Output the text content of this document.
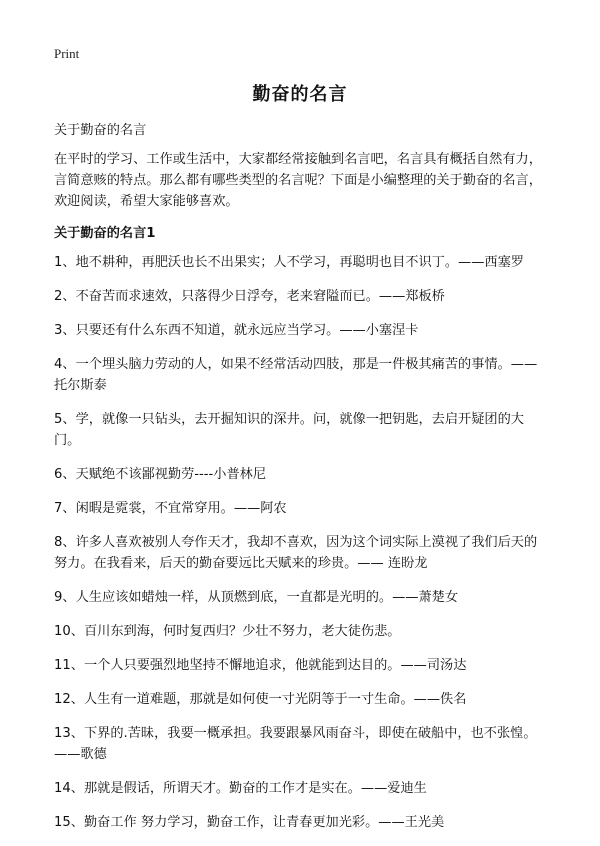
Print
勤奋的名言

关于勤奋的名言

在平时的学习、工作或生活中，大家都经常接触到名言吧，名言具有概括自然有力，言简意赅的特点。那么都有哪些类型的名言呢？下面是小编整理的关于勤奋的名言，欢迎阅读，希望大家能够喜欢。

关于勤奋的名言1

1、地不耕种，再肥沃也长不出果实；人不学习，再聪明也目不识丁。——西塞罗

2、不奋苦而求速效，只落得少日浮夸，老来窘隘而已。——郑板桥

3、只要还有什么东西不知道，就永远应当学习。——小塞涅卡

4、一个埋头脑力劳动的人，如果不经常活动四肢，那是一件极其痛苦的事情。——托尔斯泰

5、学，就像一只钻头，去开掘知识的深井。问，就像一把钥匙，去启开疑团的大门。

6、天赋绝不该鄙视勤劳----小普林尼

7、闲暇是霓裳，不宜常穿用。——阿农

8、许多人喜欢被别人夸作天才，我却不喜欢，因为这个词实际上漠视了我们后天的努力。在我看来，后天的勤奋要远比天赋来的珍贵。—— 连盼龙

9、人生应该如蜡烛一样，从顶燃到底，一直都是光明的。——萧楚女

10、百川东到海，何时复西归？少壮不努力，老大徒伤悲。

11、一个人只要强烈地坚持不懈地追求，他就能到达目的。——司汤达

12、人生有一道难题，那就是如何使一寸光阴等于一寸生命。——佚名

13、下界的.苦昧，我要一概承担。我要跟暴风雨奋斗，即使在破船中，也不张惶。——歌德

14、那就是假话，所谓天才。勤奋的工作才是实在。——爱迪生

15、勤奋工作 努力学习，勤奋工作，让青春更加光彩。——王光美
